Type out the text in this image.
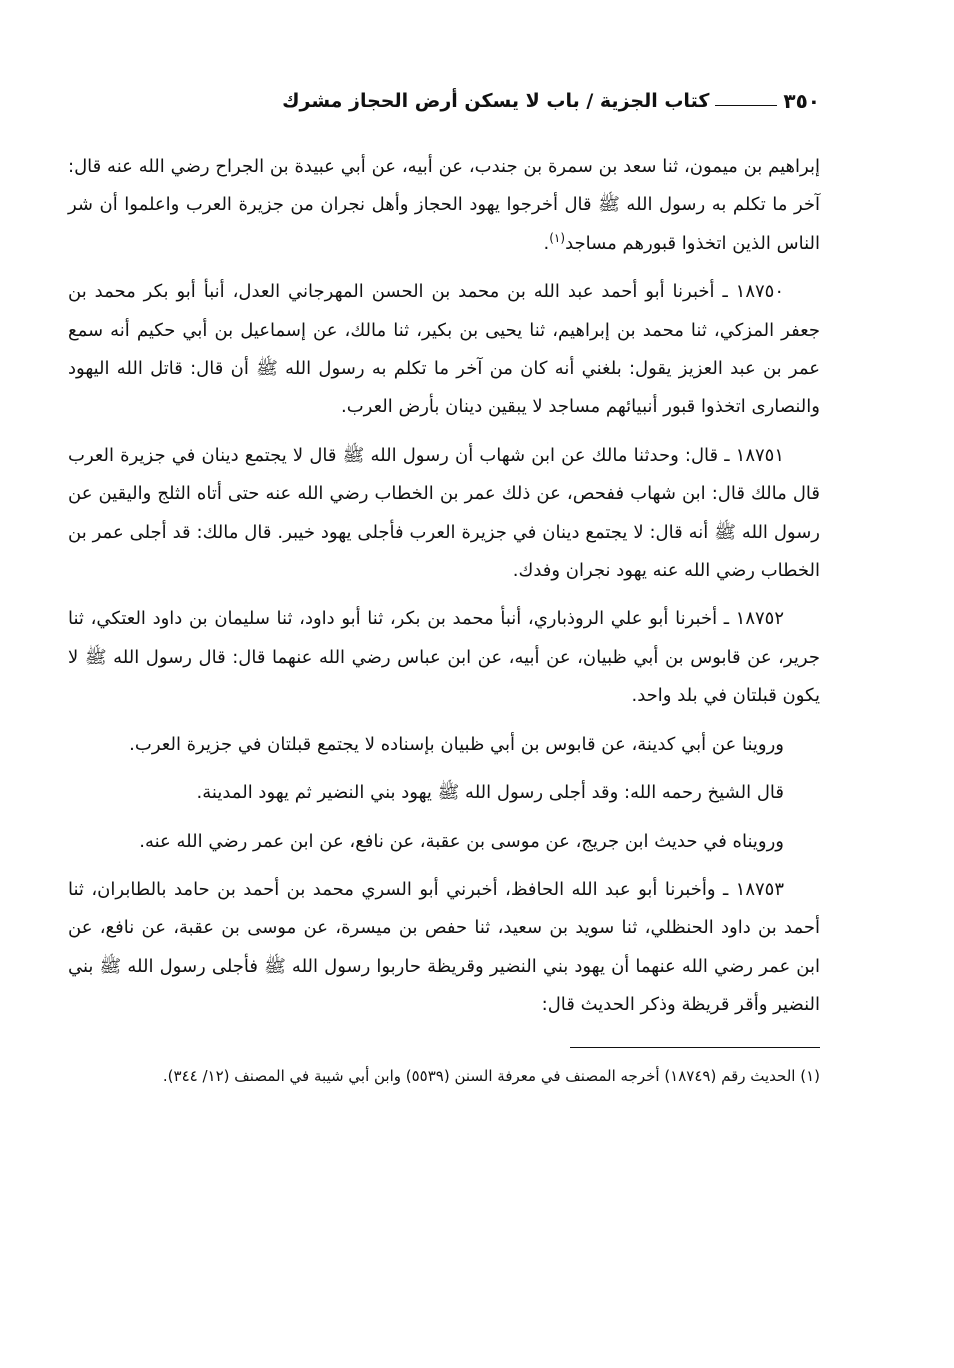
٣٥٠
كتاب الجزية / باب لا يسكن أرض الحجاز مشرك

إبراهيم بن ميمون، ثنا سعد بن سمرة بن جندب، عن أبيه، عن أبي عبيدة بن الجراح رضي الله عنه قال: آخر ما تكلم به رسول الله ﷺ قال أخرجوا يهود الحجاز وأهل نجران من جزيرة العرب واعلموا أن شر الناس الذين اتخذوا قبورهم مساجد$^{(١)}$.

١٨٧٥٠ ـ أخبرنا أبو أحمد عبد الله بن محمد بن الحسن المهرجاني العدل، أنبأ أبو بكر محمد بن جعفر المزكي، ثنا محمد بن إبراهيم، ثنا يحيى بن بكير، ثنا مالك، عن إسماعيل بن أبي حكيم أنه سمع عمر بن عبد العزيز يقول: بلغني أنه كان من آخر ما تكلم به رسول الله ﷺ أن قال: قاتل الله اليهود والنصارى اتخذوا قبور أنبيائهم مساجد لا يبقين دينان بأرض العرب.

١٨٧٥١ ـ قال: وحدثنا مالك عن ابن شهاب أن رسول الله ﷺ قال لا يجتمع دينان في جزيرة العرب قال مالك قال: ابن شهاب ففحص، عن ذلك عمر بن الخطاب رضي الله عنه حتى أتاه الثلج واليقين عن رسول الله ﷺ أنه قال: لا يجتمع دينان في جزيرة العرب فأجلى يهود خيبر. قال مالك: قد أجلى عمر بن الخطاب رضي الله عنه يهود نجران وفدك.

١٨٧٥٢ ـ أخبرنا أبو علي الروذباري، أنبأ محمد بن بكر، ثنا أبو داود، ثنا سليمان بن داود العتكي، ثنا جرير، عن قابوس بن أبي ظبيان، عن أبيه، عن ابن عباس رضي الله عنهما قال: قال رسول الله ﷺ لا يكون قبلتان في بلد واحد.

وروينا عن أبي كدينة، عن قابوس بن أبي ظبيان بإسناده لا يجتمع قبلتان في جزيرة العرب.

قال الشيخ رحمه الله: وقد أجلى رسول الله ﷺ يهود بني النضير ثم يهود المدينة.

ورويناه في حديث ابن جريج، عن موسى بن عقبة، عن نافع، عن ابن عمر رضي الله عنه.

١٨٧٥٣ ـ وأخبرنا أبو عبد الله الحافظ، أخبرني أبو السري محمد بن أحمد بن حامد بالطابران، ثنا أحمد بن داود الحنظلي، ثنا سويد بن سعيد، ثنا حفص بن ميسرة، عن موسى بن عقبة، عن نافع، عن ابن عمر رضي الله عنهما أن يهود بني النضير وقريظة حاربوا رسول الله ﷺ فأجلى رسول الله ﷺ بني النضير وأقر قريظة وذكر الحديث قال:

(١) الحديث رقم (١٨٧٤٩) أخرجه المصنف في معرفة السنن (٥٥٣٩) وابن أبي شيبة في المصنف (١٢/ ٣٤٤).
